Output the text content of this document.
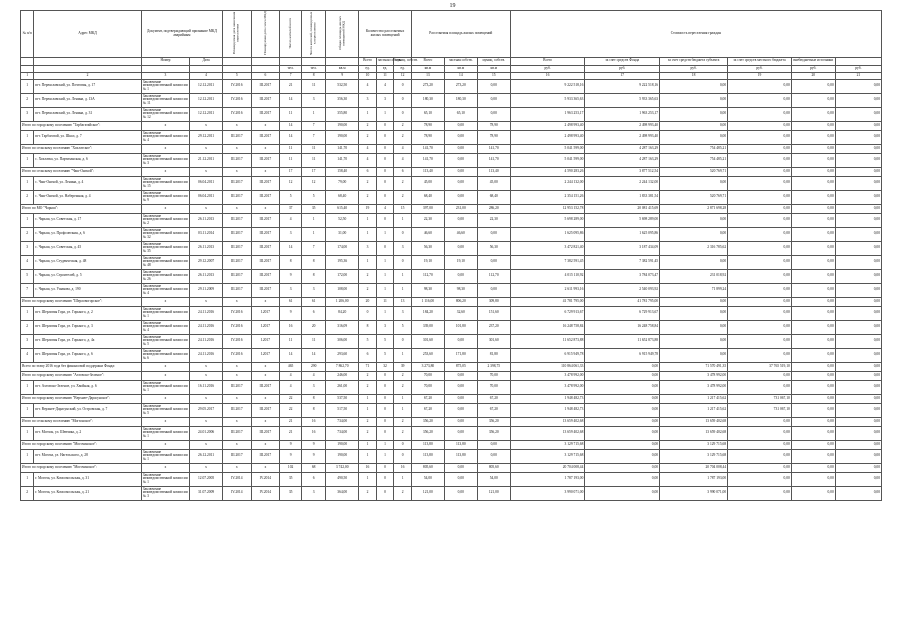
19
№ п/п	Адрес МКД	Документ, подтверждающий признание МКД аварийным		Планируемая дата окончания переселения	Планируемая дата сноса МКД	Число жителей всего	Число жителей, планируемых к переселению	Общая площадь жилых помещений МКД	Количество расселяемых жилых помещений			Расселяемая площадь жилых помещений			Стоимость переселения граждан					
		Номер	Дата						Всего	частная собств.	муниц. собств.	Всего	частная собств.	муниц. собств.	Всего	за счет средств Фонда	за счет средств бюджета субъекта	за счет средств местного бюджета	внебюджетные источники	
						чел.	чел.	кв.м	ед.	ед.	ед.	кв.м	кв.м	кв.м	руб.	руб.	руб.	руб.	руб.	руб.
1	2	3	4	5	6	7	8	9	10	11	12	13	14	15	16	17	18	19	20	21
1	пгт. Переяславский, ул. Почтовая, д. 17	Заключение межведомственной комиссии № 1	12.12.2011	IV.2016	III.2017	21	11	532,50	4	4	0	273,20	273,20	0,00	9 222 518,16	9 222 518,16	0,00	0,00	0,00	0,00
2	пгт. Переяславский, ул. Ленина, д. 13А	Заключение межведомственной комиссии № 11	12.12.2011	IV.2016	III.2017	14	3	356,30	3	3	0	180,30	180,30	0,00	5 933 365,63	5 933 365,63	0,00	0,00	0,00	0,00
3	пгт. Переяславский, ул. Ленина, д. 31	Заключение межведомственной комиссии № 12	12.12.2011	IV.2016	III.2017	11	1	355,80	1	1	0	65,10	65,10	0,00	1 963 253,17	1 963 253,17	0,00	0,00	0,00	0,00
Итого по городскому поселению "Тарбагатайское":		x	x	x	x	14	7	190,00	2	0	2	78,90	0,00	78,90	2 498 993,40	2 498 993,40	0,00	0,00	0,00	0,00
1	пгт. Тарбагатай, ул. Школ, д. 7	Заключение межведомственной комиссии № 4	29.12.2011	III.2017	III.2017	14	7	190,00	2	0	2	78,90	0,00	78,90	2 498 993,40	2 498 993,40	0,00	0,00	0,00	0,00
Итого по сельскому поселению "Хохлатское":		x	x	x	x	11	11	141,70	4	0	4	141,70	0,00	141,70	5 041 599,00	4 287 163,29	754 485,21	0,00	0,00	0,00
1	с. Хохлатка, ул. Партизанская, д. 6	Заключение межведомственной комиссии № 3	21.12.2011	III.2017	III.2017	11	11	141,70	4	0	4	141,70	0,00	141,70	5 041 599,00	4 287 163,29	754 485,21	0,00	0,00	0,00
Итого по сельскому поселению "Чаш-Онгкой":		x	x	x	x	17	17	158,40	6	0	6	113,40	0,00	113,40	4 590 283,26	3 877 512,54	520 769,71	0,00	0,00	0,00
1	с. Чаш-Онгкой, ул. Ленина, д. 4	Заключение межведомственной комиссии № 15	06.04.2011	III.2017	III.2017	12	12	79,00	2	0	2	45,00	0,00	45,00	2 244 132,00	2 244 132,00	0,00	0,00	0,00	0,00
2	с. Чаш-Онгкой, ул. Набережная, д. 4	Заключение межведомственной комиссии № 9	06.04.2011	III.2017	III.2017	5	5	68,40	2	0	2	68,40	0,00	68,40	2 354 151,26	1 833 381,54	520 769,71	0,00	0,00	0,00
Итого по МО "Чарыш":		x	x	x	x	37	35	615,40	19	4	15	397,00	231,00	286,20	12 953 152,78	20 081 415,69	2 871 698,28	0,00	0,00	0,00
1	с. Чарыш, ул. Советская, д. 17	Заключение межведомственной комиссии № 2	26.11.2013	III.2017	III.2017	4	1	52,50	1	0	1	22,30	0,00	22,30	5 698 289,00	5 698 289,00	0,00	0,00	0,00	0,00
2	с. Чарыш, ул. Профсоюзная, д. 6	Заключение межведомственной комиссии № 32	03.11.2014	III.2017	III.2017	3	1	31,00	1	1	0	46,60	46,60	0,00	1 625 095,86	1 625 095,86	0,00	0,00	0,00	0,00
3	с. Чарыш, ул. Советская, д. 45	Заключение межведомственной комиссии № 35	26.11.2013	III.2017	III.2017	14	7	174,00	3	0	3	56,30	0,00	56,30	3 472 821,40	3 187 434,09	2 316 785,62	0,00	0,00	0,00
4	с. Чарыш, ул. Студенческая, д. 48	Заключение межведомственной комиссии № 48	29.12.2007	III.2017	III.2017	8	8	195,36	1	1	0	19,10	19,10	0,00	7 382 591,45	7 382 591,45	0,00	0,00	0,00	0,00
5	с. Чарыш, ул. Строителей, д. 5	Заключение межведомственной комиссии № 26	26.11.2013	III.2017	III.2017	9	8	172,00	2	1	1	112,70	0,00	112,70	4 015 110,92	3 784 073,47	231 018,92	0,00	0,00	0,00
7	с. Чарыш, ул. Ушакова, д. 190	Заключение межведомственной комиссии № 4	29.11.2009	III.2017	III.2017	3	3	108,00	2	1	1	98,30	98,30	0,00	2 611 993,16	2 540 093,92	71 899,24	0,00	0,00	0,00
Итого по городскому поселению "Шерловогорское":		x	x	x	x	61	61	1 206,00	20	11	13	1 116,00	806,20	309,80	41 781 795,00	41 781 795,00	0,00	0,00	0,00	0,00
1	пгт. Шерловая Гора, ул. Горького, д. 2	Заключение межведомственной комиссии № 1	24.11.2016	IV.2016	I.2017	9	6	84,20	0	1	3	184,20	32,60	151,60	6 729 913,67	6 729 913,67	0,00	0,00	0,00	0,00
2	пгт. Шерловая Гора, ул. Горького, д. 3	Заключение межведомственной комиссии № 4	24.11.2016	IV.2016	I.2017	16	20	316,09	8	3	5	339,00	101,80	237,20	16 248 758,84	16 248 758,84	0,00	0,00	0,00	0,00
3	пгт. Шерловая Гора, ул. Горького, д. 4а	Заключение межведомственной комиссии № 5	24.11.2016	IV.2016	I.2017	11	11	306,00	5	5	0	301,60	0,00	301,60	11 652 873,88	11 652 873,88	0,00	0,00	0,00	0,00
4	пгт. Шерловая Гора, ул. Горького, д. 6	Заключение межведомственной комиссии № 6	24.11.2016	IV.2016	I.2017	14	14	293,60	6	5	1	253,60	171,80	81,80	6 915 949,78	6 915 949,78	0,00	0,00	0,00	0,00
Всего по этапу 2016 года без финансовой поддержки Фонда:		x	x	x	x	465	290	7 862,70	71	32	39	3 273,80	875,05	2 398,75	110 864 061,33	0,00	71 570 491,35	37 765 519,10	0,00	0,00
Итого по городскому поселению "Ахтовско-Зеленое":		x	x	x	x	4	4	246,00	2	0	2	70,00	0,00	70,00	3 478 992,00	0,00	3 478 992,00	0,00	0,00	0,00
1	пгт. Ахтовско-Зеленое, ул. Хвойная, д. 6	Заключение межведомственной комиссии № 1	16.11.2016	III.2017	III.2017	4	3	261,00	2	0	2	70,00	0,00	70,00	3 478 992,00	0,00	3 478 992,00	0,00	0,00	0,00
Итого по городскому поселению "Верхнее-Дарасунское":		x	x	x	x	22	8	537,50	1	0	1	67,20	0,00	67,20	1 948 482,73	0,00	1 217 415,62	731 067,10	0,00	0,00
1	пгт. Верхнее-Дарасунский, ул. Островская, д. 7	Заключение межведомственной комиссии № 5	29.05.2017	III.2017	III.2017	22	8	517,50	1	0	1	67,20	0,00	67,20	1 948 482,73	0,00	1 217 415,62	731 067,10	0,00	0,00
Итого по сельскому поселению "Могзонское":		x	x	x	x	21	16	734,00	2	0	2	356,20	0,00	356,20	13 659 402,68	0,00	13 659 402,68	0,00	0,00	0,00
1	пгт. Могзон, ул. Шевчика, д. 2	Заключение межведомственной комиссии № 1	24.01.2006	III.2017	III.2017	21	16	734,00	2	0	2	356,20	0,00	356,20	13 659 402,68	0,00	13 659 402,68	0,00	0,00	0,00
Итого по городскому поселению "Могочинское":		x	x	x	x	9	9	190,00	1	1	0	113,80	113,80	0,00	3 129 715,68	0,00	3 129 715,68	0,00	0,00	0,00
1	пгт. Могоча, ул. Нагельского, д. 28	Заключение межведомственной комиссии № 1	26.12.2011	III.2017	III.2017	9	9	190,00	1	1	0	113,80	113,80	0,00	3 129 715,68	0,00	3 129 715,68	0,00	0,00	0,00
Итого по городскому поселению "Могочинское":		x	x	x	x	102	68	3 742,00	16	0	16	805,60	0,00	805,60	20 704 008,44	0,00	20 704 008,44	0,00	0,00	0,00
1	г. Могоча, ул. Комсомольская, д. 31	Заключение межведомственной комиссии № 1	12.07.2005	IV.2014	IV.2014	35	6	490,50	1	0	1	54,00	0,00	54,00	1 787 193,00	0,00	1 787 193,00	0,00	0,00	0,00
2	г. Могоча, ул. Комсомольская, д. 21	Заключение межведомственной комиссии № 3	31.07.2009	IV.2014	IV.2014	35	3	364,00	2	0	2	121,00	0,00	121,00	3 990 071,00	0,00	3 990 071,00	0,00	0,00	0,00
